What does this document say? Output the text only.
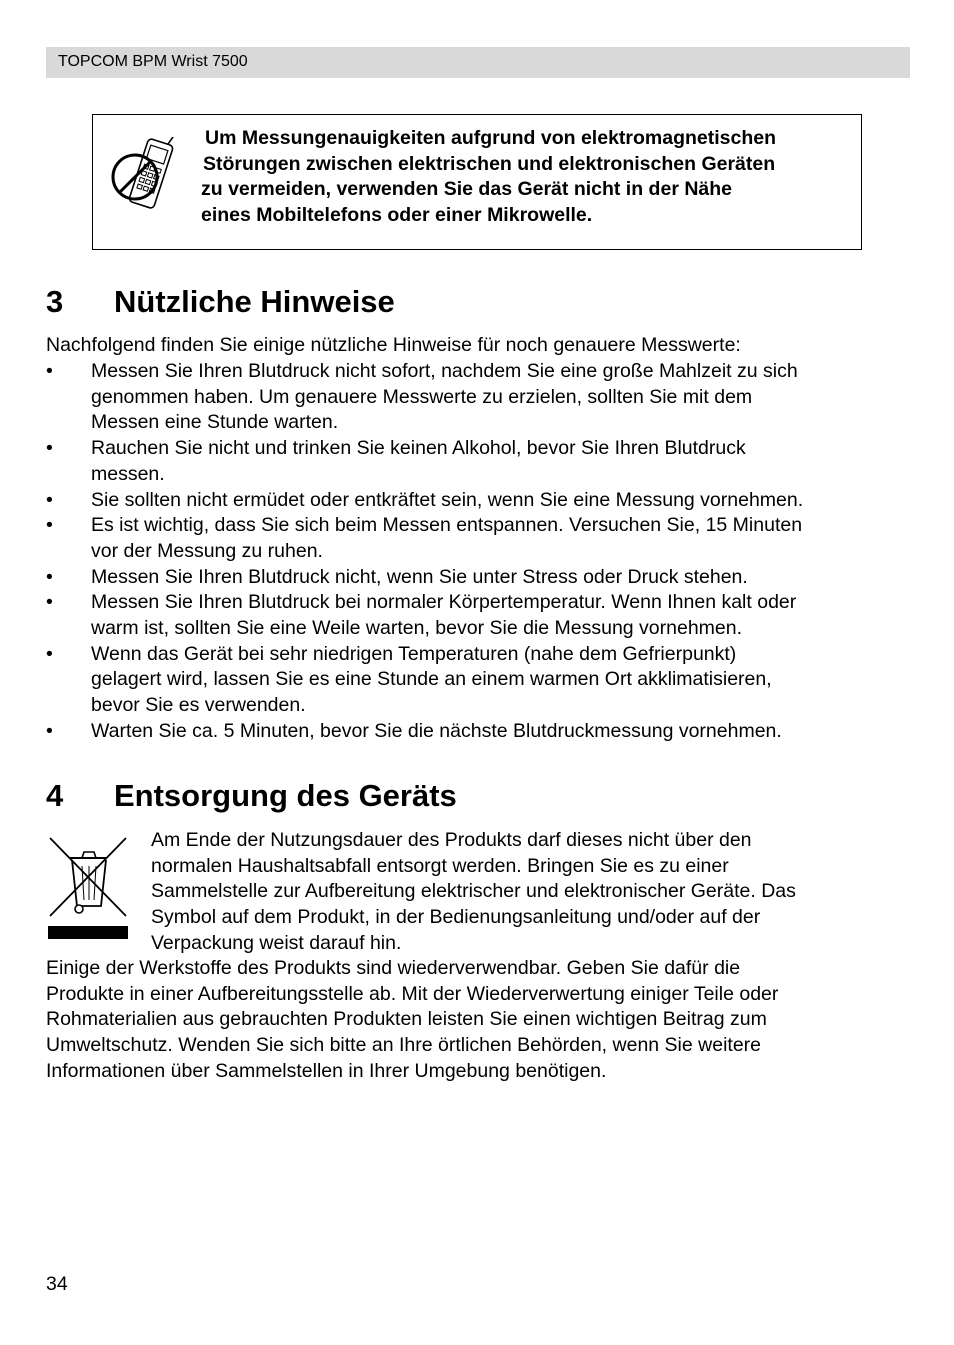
TOPCOM BPM Wrist 7500
Um Messungenauigkeiten aufgrund von elektromagnetischen
Störungen zwischen elektrischen und elektronischen Geräten
zu vermeiden, verwenden Sie das Gerät nicht in der Nähe
eines Mobiltelefons oder einer Mikrowelle.
3 Nützliche Hinweise
Nachfolgend finden Sie einige nützliche Hinweise für noch genauere Messwerte:
• Messen Sie Ihren Blutdruck nicht sofort, nachdem Sie eine große Mahlzeit zu sich
genommen haben. Um genauere Messwerte zu erzielen, sollten Sie mit dem
Messen eine Stunde warten.
• Rauchen Sie nicht und trinken Sie keinen Alkohol, bevor Sie Ihren Blutdruck
messen.
• Sie sollten nicht ermüdet oder entkräftet sein, wenn Sie eine Messung vornehmen.
• Es ist wichtig, dass Sie sich beim Messen entspannen. Versuchen Sie, 15 Minuten
vor der Messung zu ruhen.
• Messen Sie Ihren Blutdruck nicht, wenn Sie unter Stress oder Druck stehen.
• Messen Sie Ihren Blutdruck bei normaler Körpertemperatur. Wenn Ihnen kalt oder
warm ist, sollten Sie eine Weile warten, bevor Sie die Messung vornehmen.
• Wenn das Gerät bei sehr niedrigen Temperaturen (nahe dem Gefrierpunkt)
gelagert wird, lassen Sie es eine Stunde an einem warmen Ort akklimatisieren,
bevor Sie es verwenden.
• Warten Sie ca. 5 Minuten, bevor Sie die nächste Blutdruckmessung vornehmen.
4 Entsorgung des Geräts
Am Ende der Nutzungsdauer des Produkts darf dieses nicht über den
normalen Haushaltsabfall entsorgt werden. Bringen Sie es zu einer
Sammelstelle zur Aufbereitung elektrischer und elektronischer Geräte. Das
Symbol auf dem Produkt, in der Bedienungsanleitung und/oder auf der
Verpackung weist darauf hin.
Einige der Werkstoffe des Produkts sind wiederverwendbar. Geben Sie dafür die
Produkte in einer Aufbereitungsstelle ab. Mit der Wiederverwertung einiger Teile oder
Rohmaterialien aus gebrauchten Produkten leisten Sie einen wichtigen Beitrag zum
Umweltschutz. Wenden Sie sich bitte an Ihre örtlichen Behörden, wenn Sie weitere
Informationen über Sammelstellen in Ihrer Umgebung benötigen.
34
